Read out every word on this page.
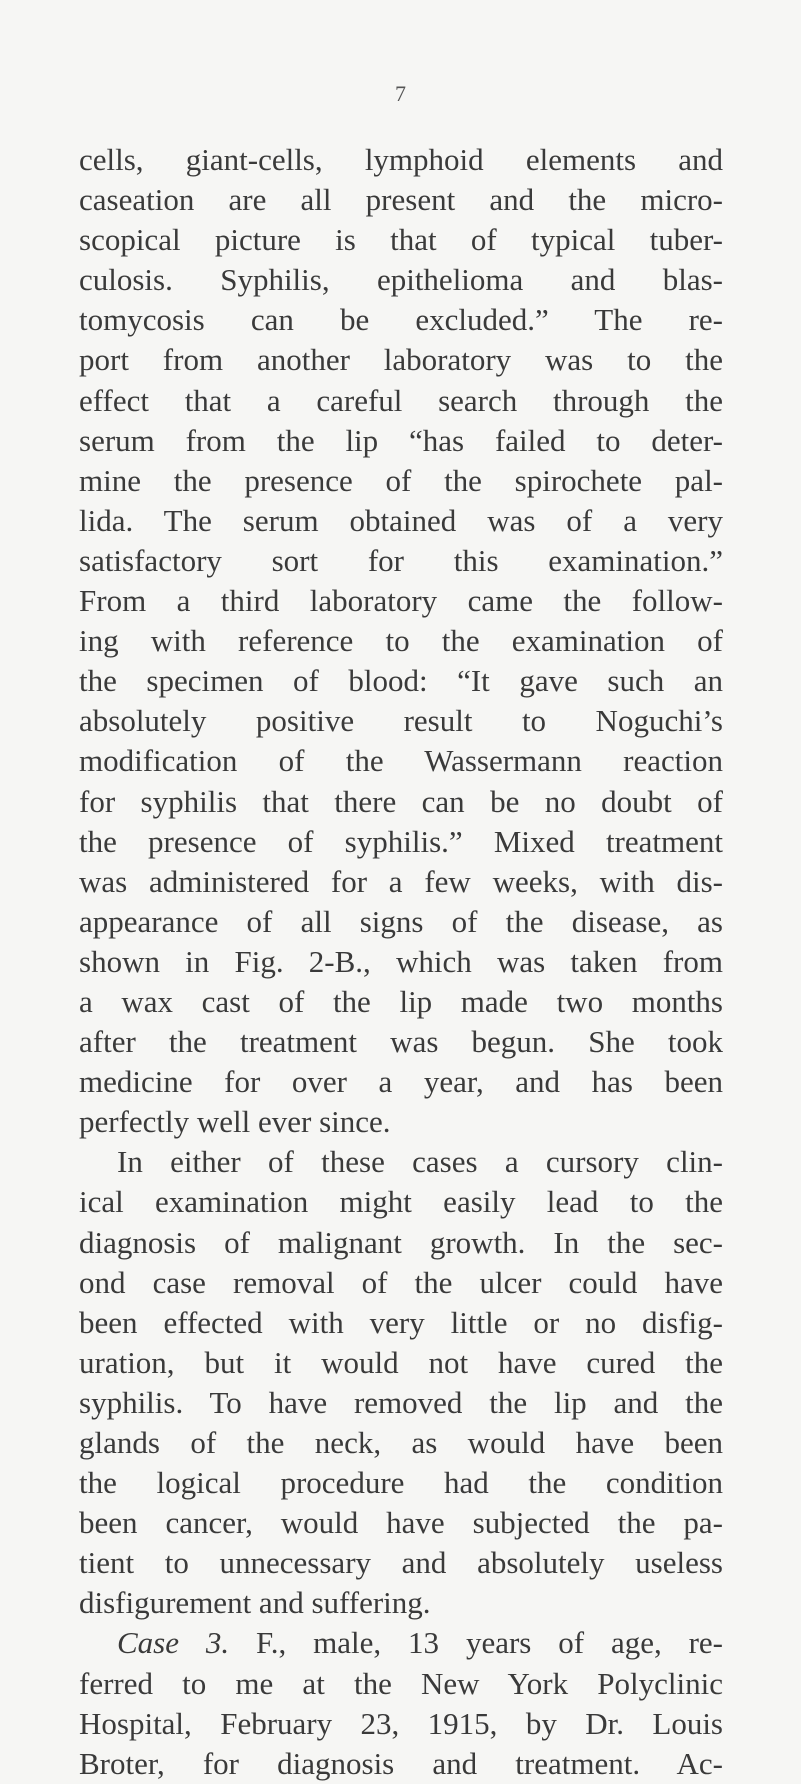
7
cells, giant-cells, lymphoid elements and
caseation are all present and the micro-
scopical picture is that of typical tuber-
culosis. Syphilis, epithelioma and blas-
tomycosis can be excluded.” The re-
port from another laboratory was to the
effect that a careful search through the
serum from the lip “has failed to deter-
mine the presence of the spirochete pal-
lida. The serum obtained was of a very
satisfactory sort for this examination.”
From a third laboratory came the follow-
ing with reference to the examination of
the specimen of blood: “It gave such an
absolutely positive result to Noguchi’s
modification of the Wassermann reaction
for syphilis that there can be no doubt of
the presence of syphilis.” Mixed treatment
was administered for a few weeks, with dis-
appearance of all signs of the disease, as
shown in Fig. 2-B., which was taken from
a wax cast of the lip made two months
after the treatment was begun. She took
medicine for over a year, and has been
perfectly well ever since.
In either of these cases a cursory clin-
ical examination might easily lead to the
diagnosis of malignant growth. In the sec-
ond case removal of the ulcer could have
been effected with very little or no disfig-
uration, but it would not have cured the
syphilis. To have removed the lip and the
glands of the neck, as would have been
the logical procedure had the condition
been cancer, would have subjected the pa-
tient to unnecessary and absolutely useless
disfigurement and suffering.
Case 3. F., male, 13 years of age, re-
ferred to me at the New York Polyclinic
Hospital, February 23, 1915, by Dr. Louis
Broter, for diagnosis and treatment. Ac-
